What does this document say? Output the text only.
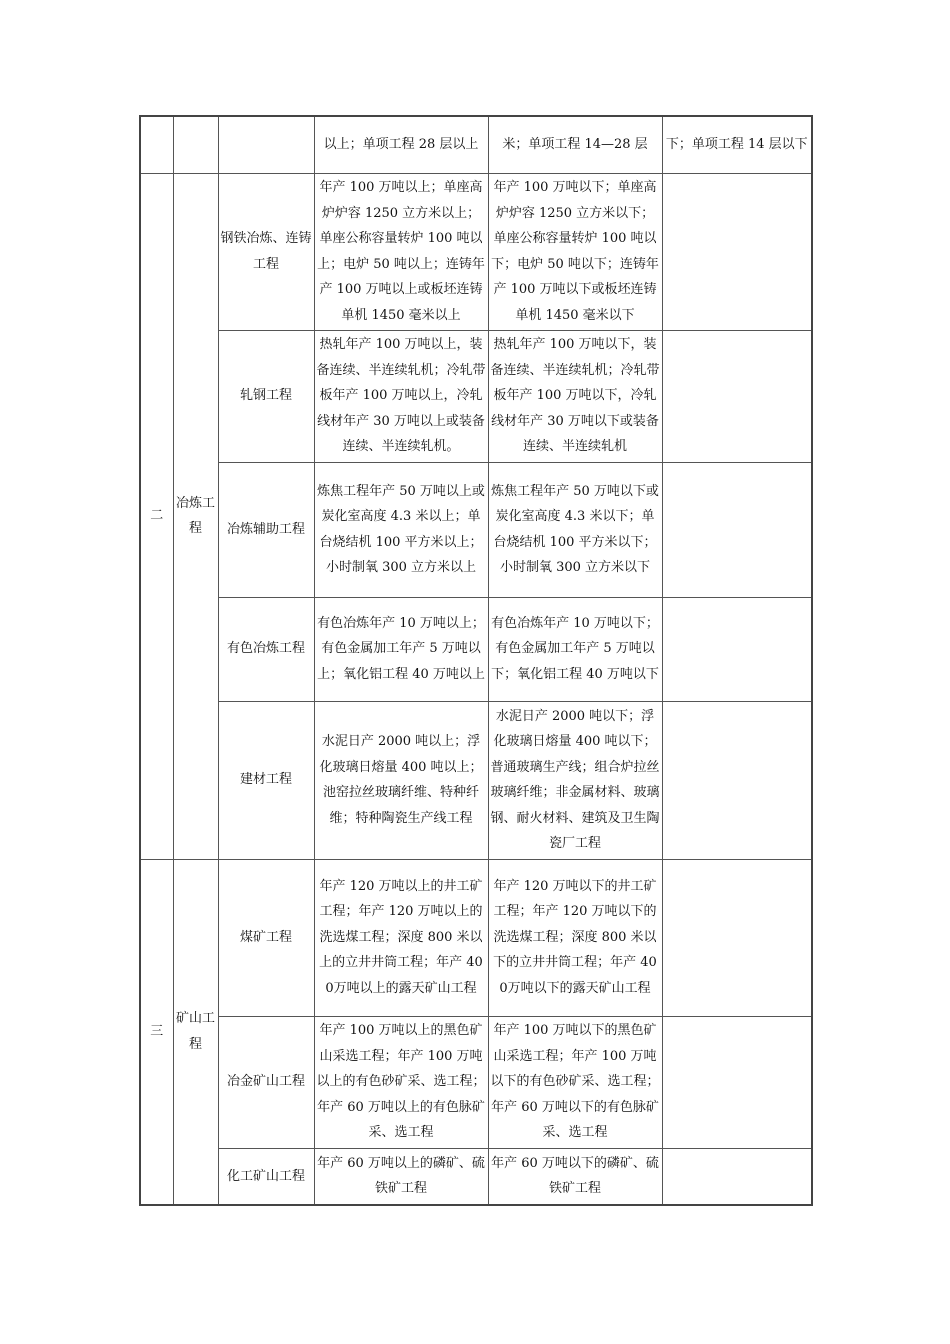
			以上；单项工程 28 层以上	米；单项工程 14—28 层	下；单项工程 14 层以下
二	冶炼工程	钢铁冶炼、连铸工程	年产 100 万吨以上；单座高炉炉容 1250 立方米以上；单座公称容量转炉 100 吨以上；电炉 50 吨以上；连铸年产 100 万吨以上或板坯连铸单机 1450 毫米以上	年产 100 万吨以下；单座高炉炉容 1250 立方米以下；单座公称容量转炉 100 吨以下；电炉 50 吨以下；连铸年产 100 万吨以下或板坯连铸单机 1450 毫米以下	
		轧钢工程	热轧年产 100 万吨以上，装备连续、半连续轧机；冷轧带板年产 100 万吨以上，冷轧线材年产 30 万吨以上或装备连续、半连续轧机。	热轧年产 100 万吨以下，装备连续、半连续轧机；冷轧带板年产 100 万吨以下，冷轧线材年产 30 万吨以下或装备连续、半连续轧机	
		冶炼辅助工程	炼焦工程年产 50 万吨以上或炭化室高度 4.3 米以上；单台烧结机 100 平方米以上；小时制氧 300 立方米以上	炼焦工程年产 50 万吨以下或炭化室高度 4.3 米以下；单台烧结机 100 平方米以下；小时制氧 300 立方米以下	
		有色冶炼工程	有色冶炼年产 10 万吨以上；有色金属加工年产 5 万吨以上；氧化铝工程 40 万吨以上	有色冶炼年产 10 万吨以下；有色金属加工年产 5 万吨以下；氧化铝工程 40 万吨以下	
		建材工程	水泥日产 2000 吨以上；浮化玻璃日熔量 400 吨以上；池窑拉丝玻璃纤维、特种纤维；特种陶瓷生产线工程	水泥日产 2000 吨以下；浮化玻璃日熔量 400 吨以下；普通玻璃生产线；组合炉拉丝玻璃纤维；非金属材料、玻璃钢、耐火材料、建筑及卫生陶瓷厂工程	
三	矿山工程	煤矿工程	年产 120 万吨以上的井工矿工程；年产 120 万吨以上的洗选煤工程；深度 800 米以上的立井井筒工程；年产 400万吨以上的露天矿山工程	年产 120 万吨以下的井工矿工程；年产 120 万吨以下的洗选煤工程；深度 800 米以下的立井井筒工程；年产 400万吨以下的露天矿山工程	
		冶金矿山工程	年产 100 万吨以上的黑色矿山采选工程；年产 100 万吨以上的有色砂矿采、选工程；年产 60 万吨以上的有色脉矿采、选工程	年产 100 万吨以下的黑色矿山采选工程；年产 100 万吨以下的有色砂矿采、选工程；年产 60 万吨以下的有色脉矿采、选工程	
		化工矿山工程	年产 60 万吨以上的磷矿、硫铁矿工程	年产 60 万吨以下的磷矿、硫铁矿工程	
